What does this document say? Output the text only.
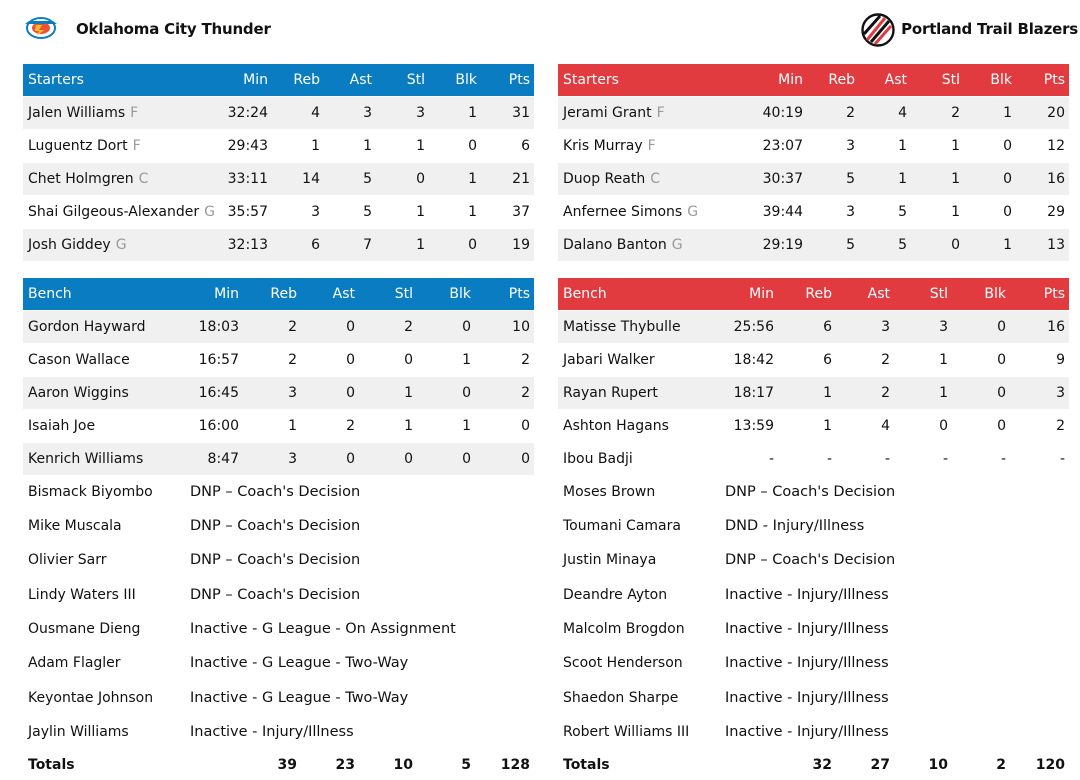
Oklahoma City Thunder
Starters	Min Reb Ast Stl Blk Pts
Jalen Williams F	32:24	4	3	3	1	31
Luguentz Dort F	29:43	1	1	1	0	6
Chet Holmgren C	33:11 14	5	0	1	21
Shai Gilgeous-Alexander G 35:57	3	5	1	1	37
Josh Giddey G	32:13	6	7	1	0	19
Bench	Min Reb	Ast	Stl	Blk	Pts
Gordon Hayward	18:03	2	0	2	0	10
Cason Wallace	16:57	2	0	0	1	2
Aaron Wiggins	16:45	3	0	1	0	2
Isaiah Joe	16:00	1	2	1	1	0
Kenrich Williams	8:47	3	0	0	0	0
Bismack Biyombo	DNP – Coach's Decision
Mike Muscala	DNP – Coach's Decision
Olivier Sarr	DNP – Coach's Decision
Lindy Waters III	DNP – Coach's Decision
Ousmane Dieng	Inactive - G League - On Assignment
Adam Flagler	Inactive - G League - Two-Way
Keyontae Johnson	Inactive - G League - Two-Way
Jaylin Williams	Inactive - Injury/Illness
Totals	39	23	10	5 128
Portland Trail Blazers
Starters	Min Reb Ast Stl Blk Pts
Jerami Grant F	40:19	2	4	2	1	20
Kris Murray F	23:07	3	1	1	0	12
Duop Reath C	30:37	5	1	1	0	16
Anfernee Simons G	39:44	3	5	1	0	29
Dalano Banton G	29:19	5	5	0	1	13
Bench	Min Reb	Ast	Stl	Blk	Pts
Matisse Thybulle	25:56	6	3	3	0	16
Jabari Walker	18:42	6	2	1	0	9
Rayan Rupert	18:17	1	2	1	0	3
Ashton Hagans	13:59	1	4	0	0	2
Ibou Badji	-	-	-	-	-	-
Moses Brown	DNP – Coach's Decision
Toumani Camara	DND - Injury/Illness
Justin Minaya	DNP – Coach's Decision
Deandre Ayton	Inactive - Injury/Illness
Malcolm Brogdon	Inactive - Injury/Illness
Scoot Henderson	Inactive - Injury/Illness
Shaedon Sharpe	Inactive - Injury/Illness
Robert Williams III Inactive - Injury/Illness
Totals	32	27	10	2 120
